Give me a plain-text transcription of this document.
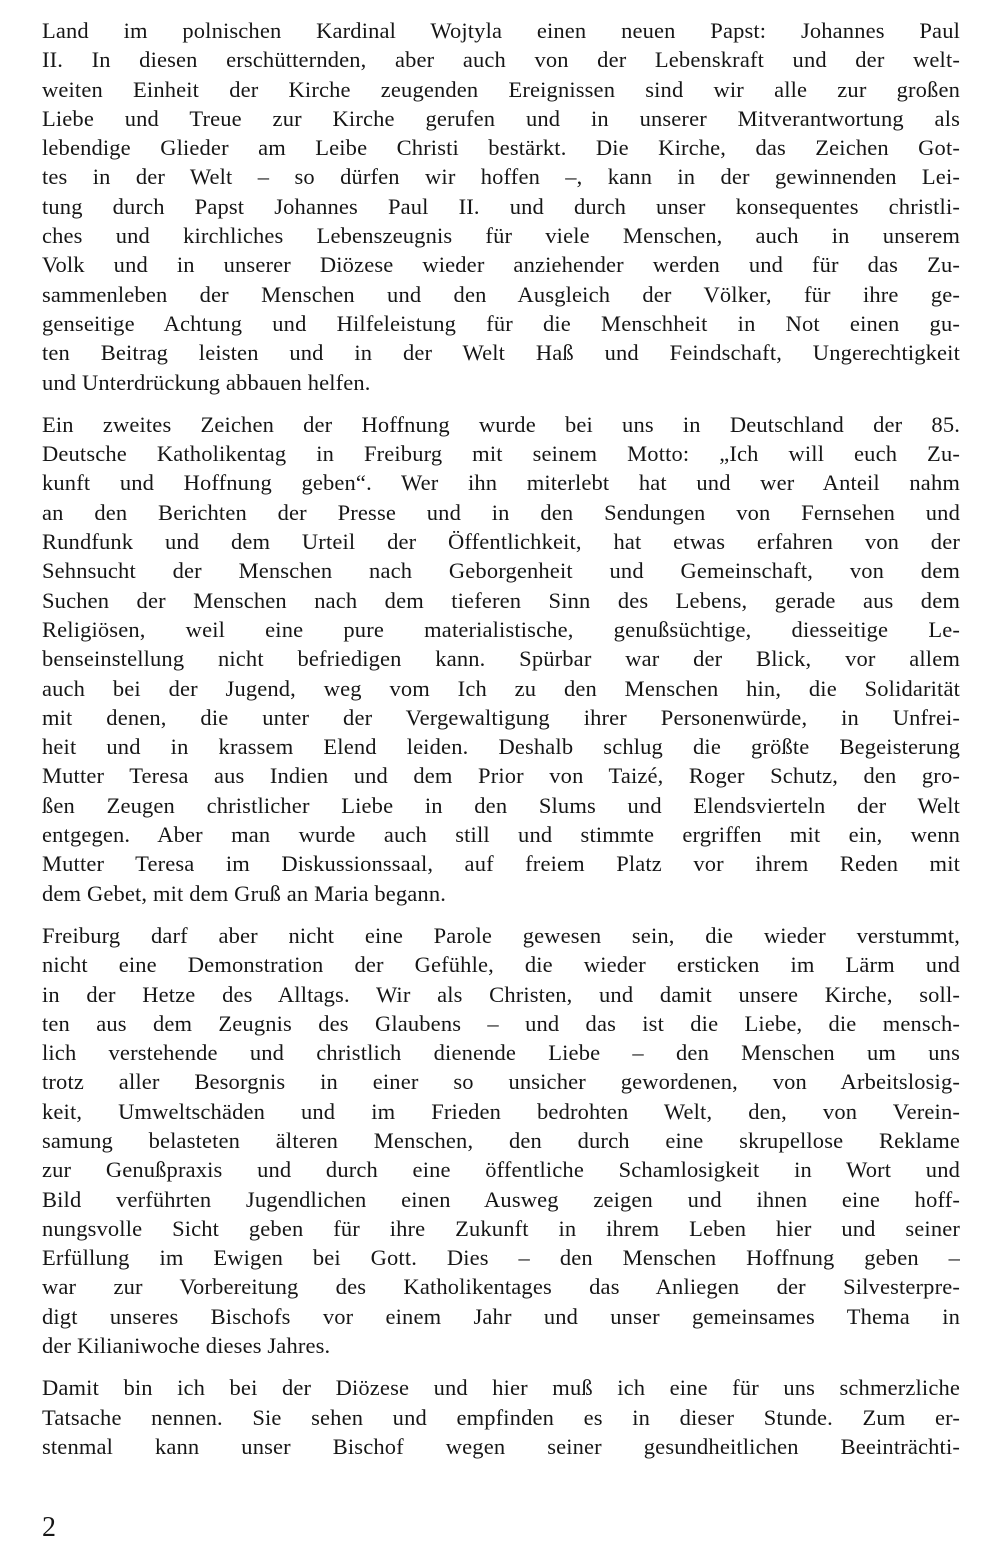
Land im polnischen Kardinal Wojtyla einen neuen Papst: Johannes Paul
II. In diesen erschütternden, aber auch von der Lebenskraft und der welt-
weiten Einheit der Kirche zeugenden Ereignissen sind wir alle zur großen
Liebe und Treue zur Kirche gerufen und in unserer Mitverantwortung als
lebendige Glieder am Leibe Christi bestärkt. Die Kirche, das Zeichen Got-
tes in der Welt – so dürfen wir hoffen –, kann in der gewinnenden Lei-
tung durch Papst Johannes Paul II. und durch unser konsequentes christli-
ches und kirchliches Lebenszeugnis für viele Menschen, auch in unserem
Volk und in unserer Diözese wieder anziehender werden und für das Zu-
sammenleben der Menschen und den Ausgleich der Völker, für ihre ge-
genseitige Achtung und Hilfeleistung für die Menschheit in Not einen gu-
ten Beitrag leisten und in der Welt Haß und Feindschaft, Ungerechtigkeit
und Unterdrückung abbauen helfen.
Ein zweites Zeichen der Hoffnung wurde bei uns in Deutschland der 85.
Deutsche Katholikentag in Freiburg mit seinem Motto: „Ich will euch Zu-
kunft und Hoffnung geben“. Wer ihn miterlebt hat und wer Anteil nahm
an den Berichten der Presse und in den Sendungen von Fernsehen und
Rundfunk und dem Urteil der Öffentlichkeit, hat etwas erfahren von der
Sehnsucht der Menschen nach Geborgenheit und Gemeinschaft, von dem
Suchen der Menschen nach dem tieferen Sinn des Lebens, gerade aus dem
Religiösen, weil eine pure materialistische, genußsüchtige, diesseitige Le-
benseinstellung nicht befriedigen kann. Spürbar war der Blick, vor allem
auch bei der Jugend, weg vom Ich zu den Menschen hin, die Solidarität
mit denen, die unter der Vergewaltigung ihrer Personenwürde, in Unfrei-
heit und in krassem Elend leiden. Deshalb schlug die größte Begeisterung
Mutter Teresa aus Indien und dem Prior von Taizé, Roger Schutz, den gro-
ßen Zeugen christlicher Liebe in den Slums und Elendsvierteln der Welt
entgegen. Aber man wurde auch still und stimmte ergriffen mit ein, wenn
Mutter Teresa im Diskussionssaal, auf freiem Platz vor ihrem Reden mit
dem Gebet, mit dem Gruß an Maria begann.
Freiburg darf aber nicht eine Parole gewesen sein, die wieder verstummt,
nicht eine Demonstration der Gefühle, die wieder ersticken im Lärm und
in der Hetze des Alltags. Wir als Christen, und damit unsere Kirche, soll-
ten aus dem Zeugnis des Glaubens – und das ist die Liebe, die mensch-
lich verstehende und christlich dienende Liebe – den Menschen um uns
trotz aller Besorgnis in einer so unsicher gewordenen, von Arbeitslosig-
keit, Umweltschäden und im Frieden bedrohten Welt, den, von Verein-
samung belasteten älteren Menschen, den durch eine skrupellose Reklame
zur Genußpraxis und durch eine öffentliche Schamlosigkeit in Wort und
Bild verführten Jugendlichen einen Ausweg zeigen und ihnen eine hoff-
nungsvolle Sicht geben für ihre Zukunft in ihrem Leben hier und seiner
Erfüllung im Ewigen bei Gott. Dies – den Menschen Hoffnung geben –
war zur Vorbereitung des Katholikentages das Anliegen der Silvesterpre-
digt unseres Bischofs vor einem Jahr und unser gemeinsames Thema in
der Kilianiwoche dieses Jahres.
Damit bin ich bei der Diözese und hier muß ich eine für uns schmerzliche
Tatsache nennen. Sie sehen und empfinden es in dieser Stunde. Zum er-
stenmal kann unser Bischof wegen seiner gesundheitlichen Beeinträchti-
2
